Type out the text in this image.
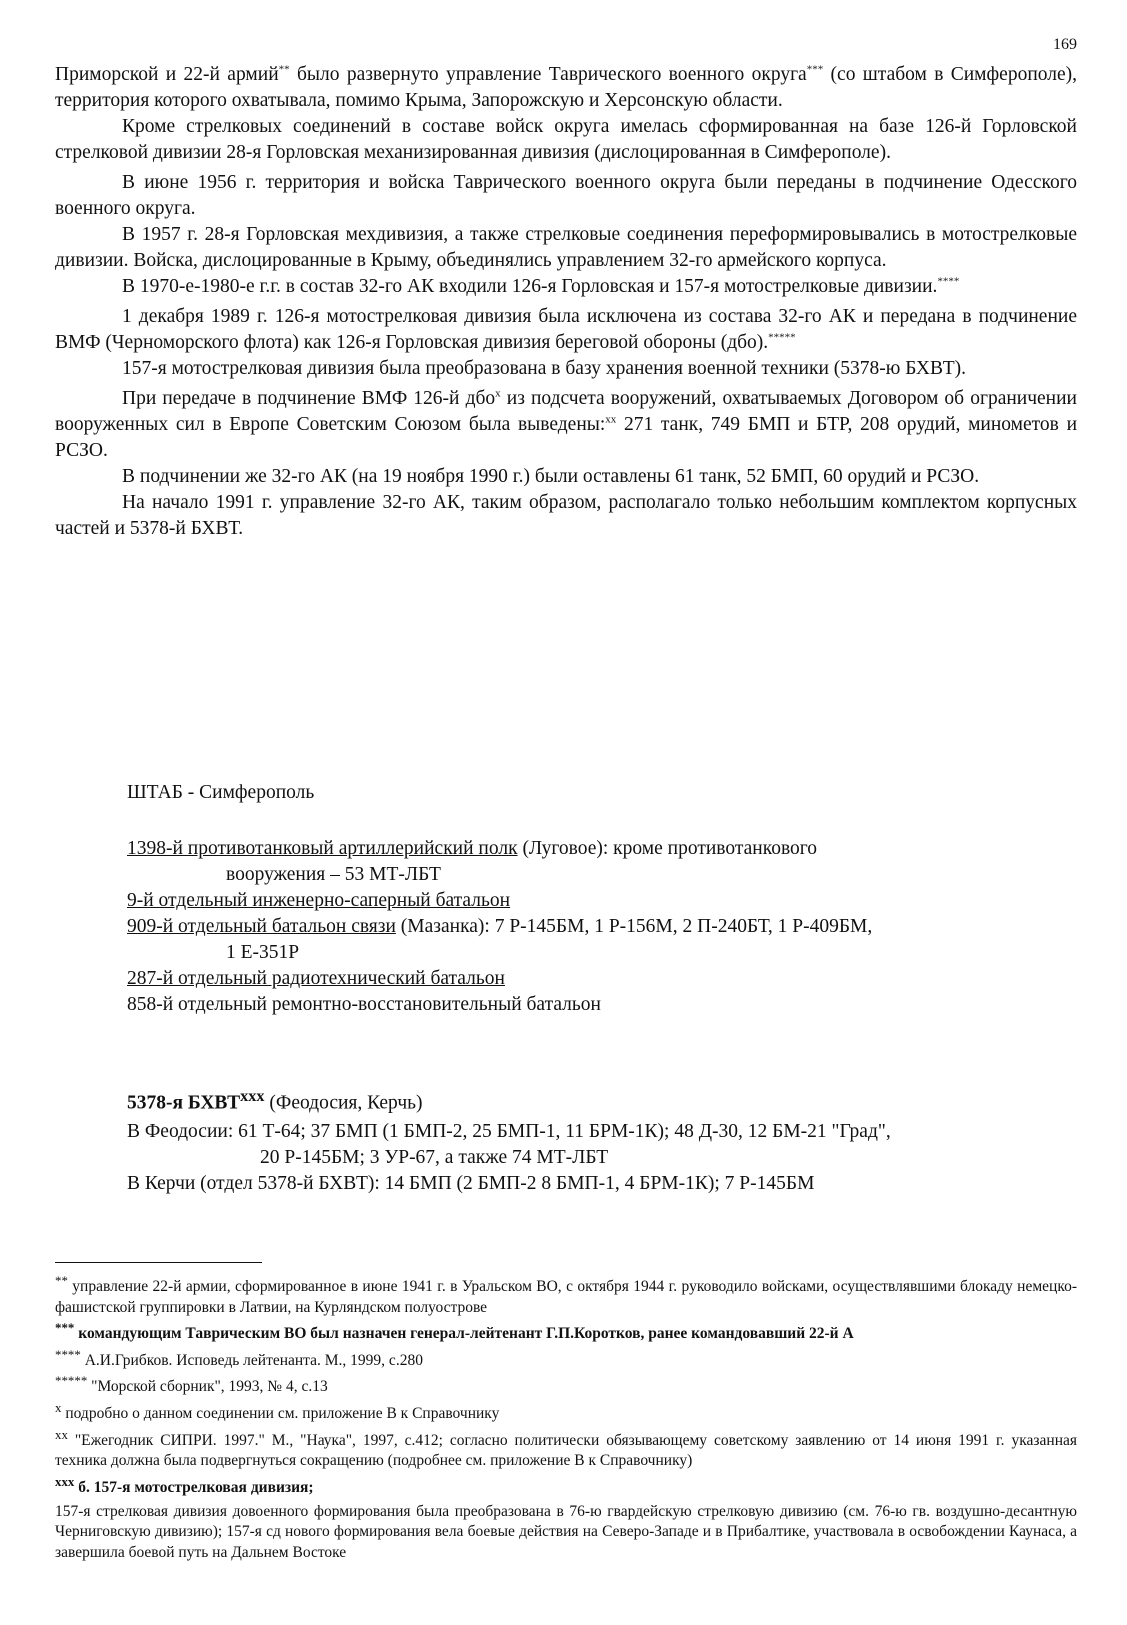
169

Приморской и 22-й армий** было развернуто управление Таврического военного округа*** (со штабом в Симферополе), территория которого охватывала, помимо Крыма, Запорожскую и Херсонскую области.

Кроме стрелковых соединений в составе войск округа имелась сформированная на базе 126-й Горловской стрелковой дивизии 28-я Горловская механизированная дивизия (дислоцированная в Симферополе).

В июне 1956 г. территория и войска Таврического военного округа были переданы в подчинение Одесского военного округа.

В 1957 г. 28-я Горловская мехдивизия, а также стрелковые соединения переформировывались в мотострелковые дивизии. Войска, дислоцированные в Крыму, объединялись управлением 32-го армейского корпуса.

В 1970-е-1980-е г.г. в состав 32-го АК входили 126-я Горловская и 157-я мотострелковые дивизии.****

1 декабря 1989 г. 126-я мотострелковая дивизия была исключена из состава 32-го АК и передана в подчинение ВМФ (Черноморского флота) как 126-я Горловская дивизия береговой обороны (дбо).*****

157-я мотострелковая дивизия была преобразована в базу хранения военной техники (5378-ю БХВТ).

При передаче в подчинение ВМФ 126-й дбо$^x$ из подсчета вооружений, охватываемых Договором об ограничении вооруженных сил в Европе Советским Союзом была выведены:$^{xx}$ 271 танк, 749 БМП и БТР, 208 орудий, минометов и РСЗО.

В подчинении же 32-го АК (на 19 ноября 1990 г.) были оставлены 61 танк, 52 БМП, 60 орудий и РСЗО.

На начало 1991 г. управление 32-го АК, таким образом, располагало только небольшим комплектом корпусных частей и 5378-й БХВТ.

ШТАБ - Симферополь

1398-й противотанковый артиллерийский полк (Луговое): кроме противотанкового

вооружения – 53 МТ-ЛБТ

9-й отдельный инженерно-саперный батальон

909-й отдельный батальон связи (Мазанка): 7 Р-145БМ, 1 Р-156М, 2 П-240БТ, 1 Р-409БМ,

1 Е-351Р

287-й отдельный радиотехнический батальон

858-й отдельный ремонтно-восстановительный батальон

5378-я БХВТ$^{xxx}$ (Феодосия, Керчь)

В Феодосии: 61 Т-64; 37 БМП (1 БМП-2, 25 БМП-1, 11 БРМ-1К); 48 Д-30, 12 БМ-21 "Град",

20 Р-145БМ; 3 УР-67, а также 74 МТ-ЛБТ

В Керчи (отдел 5378-й БХВТ): 14 БМП (2 БМП-2 8 БМП-1, 4 БРМ-1К); 7 Р-145БМ

** управление 22-й армии, сформированное в июне 1941 г. в Уральском ВО, с октября 1944 г. руководило войсками, осуществлявшими блокаду немецко-фашистской группировки в Латвии, на Курляндском полуострове

*** командующим Таврическим ВО был назначен генерал-лейтенант Г.П.Коротков, ранее командовавший 22-й А

**** А.И.Грибков. Исповедь лейтенанта. М., 1999, с.280

***** "Морской сборник", 1993, № 4, с.13

$^x$ подробно о данном соединении см. приложение В к Справочнику

$^{xx}$ "Ежегодник СИПРИ. 1997." М., "Наука", 1997, с.412; согласно политически обязывающему советскому заявлению от 14 июня 1991 г. указанная техника должна была подвергнуться сокращению (подробнее см. приложение В к Справочнику)

$^{xxx}$ б. 157-я мотострелковая дивизия;

157-я стрелковая дивизия довоенного формирования была преобразована в 76-ю гвардейскую стрелковую дивизию (см. 76-ю гв. воздушно-десантную Черниговскую дивизию); 157-я сд нового формирования вела боевые действия на Северо-Западе и в Прибалтике, участвовала в освобождении Каунаса, а завершила боевой путь на Дальнем Востоке
